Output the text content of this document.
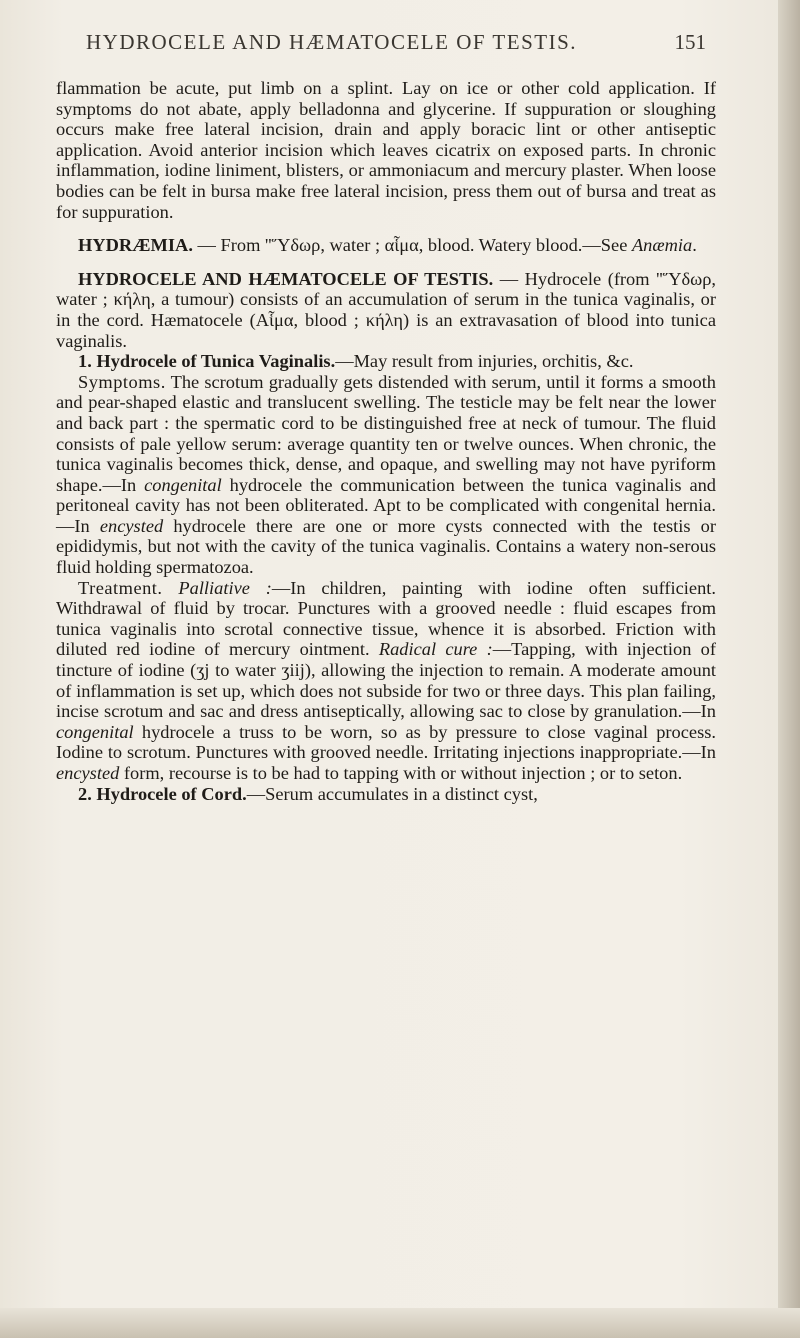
HYDROCELE AND HÆMATOCELE OF TESTIS.	151

flammation be acute, put limb on a splint. Lay on ice or other cold application. If symptoms do not abate, apply belladonna and glycerine. If suppuration or sloughing occurs make free lateral incision, drain and apply boracic lint or other antiseptic application. Avoid anterior incision which leaves cicatrix on exposed parts. In chronic inflammation, iodine liniment, blisters, or ammoniacum and mercury plaster. When loose bodies can be felt in bursa make free lateral incision, press them out of bursa and treat as for suppuration.

HYDRÆMIA. — From ''Ὕδωρ, water ; αἷμα, blood. Watery blood.—See Anæmia.

HYDROCELE AND HÆMATOCELE OF TESTIS. — Hydrocele (from ''Ὕδωρ, water ; κήλη, a tumour) consists of an accumulation of serum in the tunica vaginalis, or in the cord. Hæmatocele (Αἷμα, blood ; κήλη) is an extravasation of blood into tunica vaginalis.

1. Hydrocele of Tunica Vaginalis.—May result from injuries, orchitis, &c.

Symptoms. The scrotum gradually gets distended with serum, until it forms a smooth and pear-shaped elastic and translucent swelling. The testicle may be felt near the lower and back part : the spermatic cord to be distinguished free at neck of tumour. The fluid consists of pale yellow serum: average quantity ten or twelve ounces. When chronic, the tunica vaginalis becomes thick, dense, and opaque, and swelling may not have pyriform shape.—In congenital hydrocele the communication between the tunica vaginalis and peritoneal cavity has not been obliterated. Apt to be complicated with congenital hernia.—In encysted hydrocele there are one or more cysts connected with the testis or epididymis, but not with the cavity of the tunica vaginalis. Contains a watery non-serous fluid holding spermatozoa.

Treatment. Palliative :—In children, painting with iodine often sufficient. Withdrawal of fluid by trocar. Punctures with a grooved needle : fluid escapes from tunica vaginalis into scrotal connective tissue, whence it is absorbed. Friction with diluted red iodine of mercury ointment. Radical cure :—Tapping, with injection of tincture of iodine (ʒj to water ʒiij), allowing the injection to remain. A moderate amount of inflammation is set up, which does not subside for two or three days. This plan failing, incise scrotum and sac and dress antiseptically, allowing sac to close by granulation.—In congenital hydrocele a truss to be worn, so as by pressure to close vaginal process. Iodine to scrotum. Punctures with grooved needle. Irritating injections inappropriate.—In encysted form, recourse is to be had to tapping with or without injection ; or to seton.

2. Hydrocele of Cord.—Serum accumulates in a distinct cyst,
